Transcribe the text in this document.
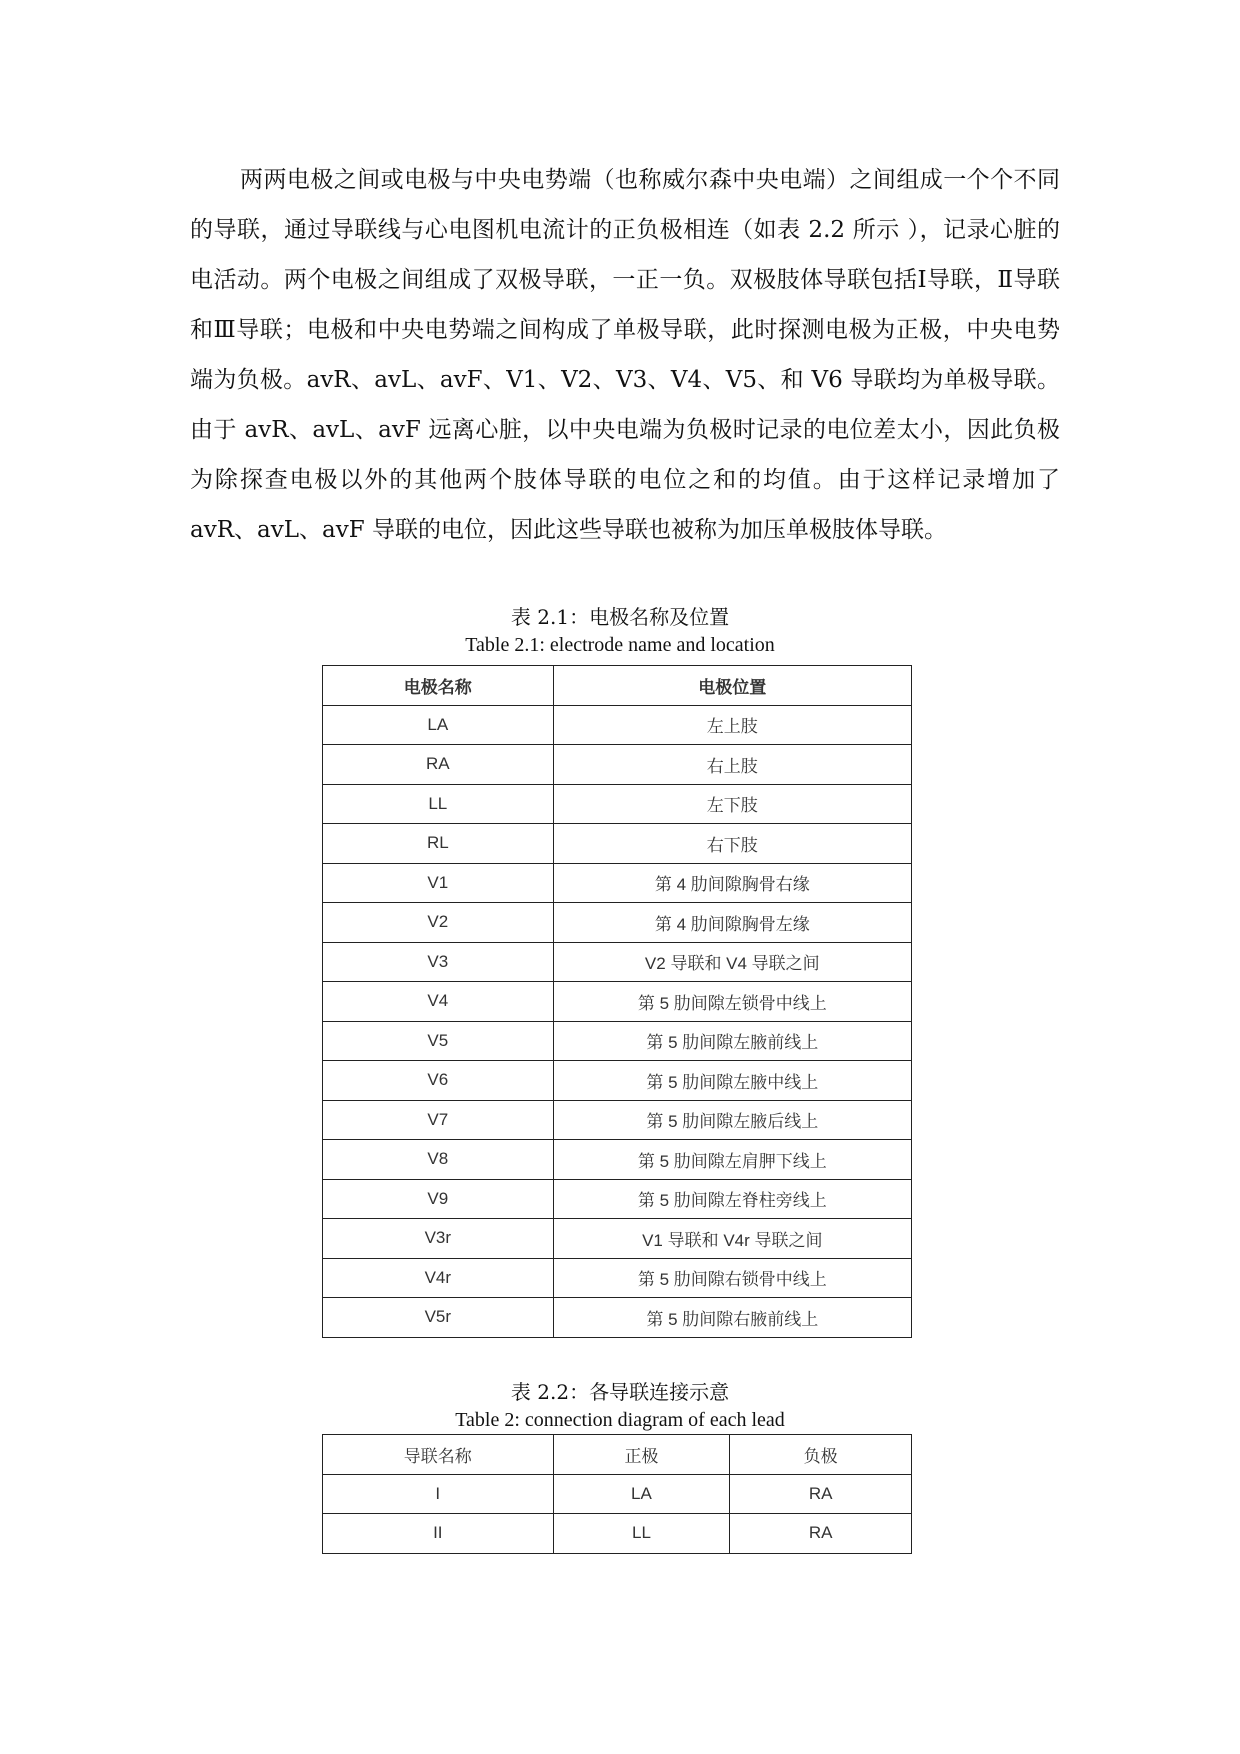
两两电极之间或电极与中央电势端（也称威尔森中央电端）之间组成一个个不同的导联，通过导联线与心电图机电流计的正负极相连（如表 2.2 所示 ），记录心脏的电活动。两个电极之间组成了双极导联，一正一负。双极肢体导联包括Ⅰ导联，Ⅱ导联和Ⅲ导联；电极和中央电势端之间构成了单极导联，此时探测电极为正极，中央电势端为负极。avR、avL、avF、V1、V2、V3、V4、V5、和 V6 导联均为单极导联。由于 avR、avL、avF 远离心脏，以中央电端为负极时记录的电位差太小，因此负极为除探查电极以外的其他两个肢体导联的电位之和的均值。由于这样记录增加了 avR、avL、avF 导联的电位，因此这些导联也被称为加压单极肢体导联。

表 2.1：电极名称及位置
Table 2.1: electrode name and location
电极名称	电极位置
LA	左上肢
RA	右上肢
LL	左下肢
RL	右下肢
V1	第 4 肋间隙胸骨右缘
V2	第 4 肋间隙胸骨左缘
V3	V2 导联和 V4 导联之间
V4	第 5 肋间隙左锁骨中线上
V5	第 5 肋间隙左腋前线上
V6	第 5 肋间隙左腋中线上
V7	第 5 肋间隙左腋后线上
V8	第 5 肋间隙左肩胛下线上
V9	第 5 肋间隙左脊柱旁线上
V3r	V1 导联和 V4r 导联之间
V4r	第 5 肋间隙右锁骨中线上
V5r	第 5 肋间隙右腋前线上
表 2.2：各导联连接示意
Table 2: connection diagram of each lead
导联名称	正极	负极
I	LA	RA
II	LL	RA
